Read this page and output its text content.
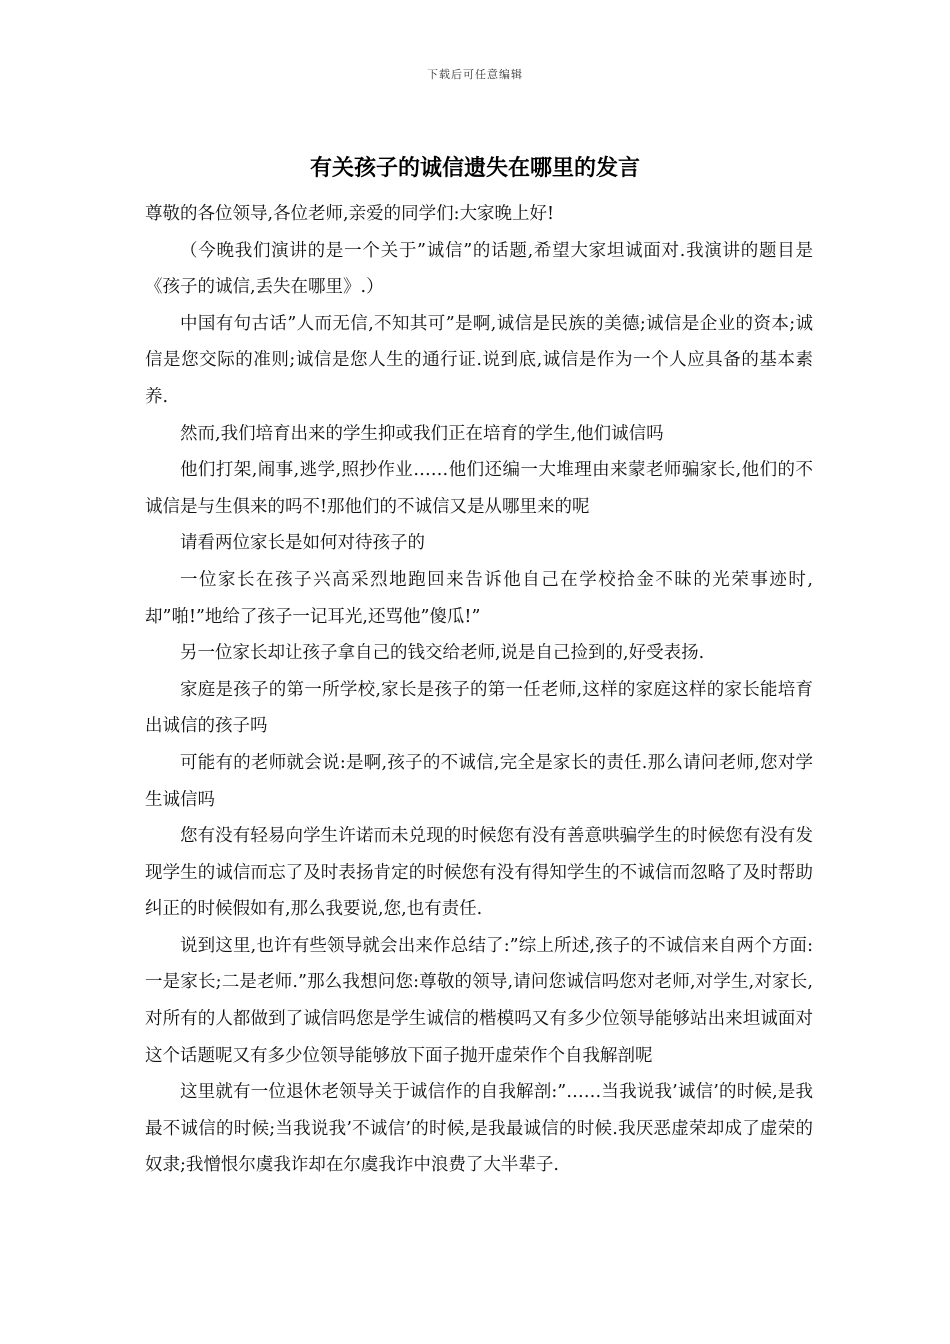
下载后可任意编辑
有关孩子的诚信遗失在哪里的发言

尊敬的各位领导,各位老师,亲爱的同学们:大家晚上好!

（今晚我们演讲的是一个关于”诚信”的话题,希望大家坦诚面对.我演讲的题目是《孩子的诚信,丢失在哪里》.）

中国有句古话”人而无信,不知其可”是啊,诚信是民族的美德;诚信是企业的资本;诚信是您交际的准则;诚信是您人生的通行证.说到底,诚信是作为一个人应具备的基本素养.

然而,我们培育出来的学生抑或我们正在培育的学生,他们诚信吗

他们打架,闹事,逃学,照抄作业……他们还编一大堆理由来蒙老师骗家长,他们的不诚信是与生俱来的吗不!那他们的不诚信又是从哪里来的呢

请看两位家长是如何对待孩子的

一位家长在孩子兴高采烈地跑回来告诉他自己在学校拾金不昧的光荣事迹时,却”啪!”地给了孩子一记耳光,还骂他”傻瓜!”

另一位家长却让孩子拿自己的钱交给老师,说是自己捡到的,好受表扬.

家庭是孩子的第一所学校,家长是孩子的第一任老师,这样的家庭这样的家长能培育出诚信的孩子吗

可能有的老师就会说:是啊,孩子的不诚信,完全是家长的责任.那么请问老师,您对学生诚信吗

您有没有轻易向学生许诺而未兑现的时候您有没有善意哄骗学生的时候您有没有发现学生的诚信而忘了及时表扬肯定的时候您有没有得知学生的不诚信而忽略了及时帮助纠正的时候假如有,那么我要说,您,也有责任.

说到这里,也许有些领导就会出来作总结了:”综上所述,孩子的不诚信来自两个方面:一是家长;二是老师.”那么我想问您:尊敬的领导,请问您诚信吗您对老师,对学生,对家长,对所有的人都做到了诚信吗您是学生诚信的楷模吗又有多少位领导能够站出来坦诚面对这个话题呢又有多少位领导能够放下面子抛开虚荣作个自我解剖呢

这里就有一位退休老领导关于诚信作的自我解剖:”……当我说我’诚信’的时候,是我最不诚信的时候;当我说我’不诚信’的时候,是我最诚信的时候.我厌恶虚荣却成了虚荣的奴隶;我憎恨尔虞我诈却在尔虞我诈中浪费了大半辈子.
